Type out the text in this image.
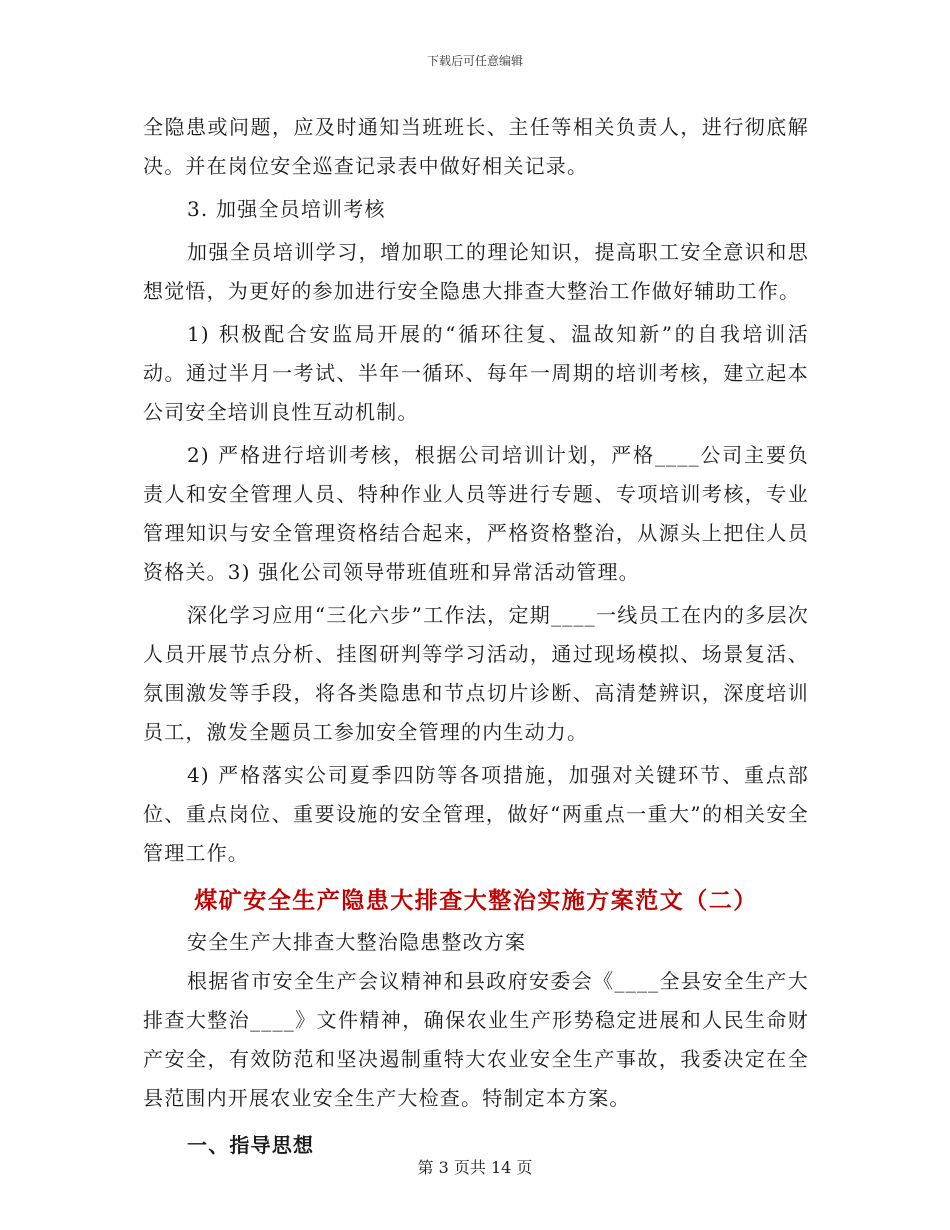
下载后可任意编辑

全隐患或问题，应及时通知当班班长、主任等相关负责人，进行彻底解决。并在岗位安全巡查记录表中做好相关记录。

3. 加强全员培训考核

加强全员培训学习，增加职工的理论知识，提高职工安全意识和思想觉悟，为更好的参加进行安全隐患大排查大整治工作做好辅助工作。

1) 积极配合安监局开展的“循环往复、温故知新”的自我培训活动。通过半月一考试、半年一循环、每年一周期的培训考核，建立起本公司安全培训良性互动机制。

2) 严格进行培训考核，根据公司培训计划，严格____公司主要负责人和安全管理人员、特种作业人员等进行专题、专项培训考核，专业管理知识与安全管理资格结合起来，严格资格整治，从源头上把住人员资格关。3) 强化公司领导带班值班和异常活动管理。

深化学习应用“三化六步”工作法，定期____一线员工在内的多层次人员开展节点分析、挂图研判等学习活动，通过现场模拟、场景复活、氛围激发等手段，将各类隐患和节点切片诊断、高清楚辨识，深度培训员工，激发全题员工参加安全管理的内生动力。

4) 严格落实公司夏季四防等各项措施，加强对关键环节、重点部位、重点岗位、重要设施的安全管理，做好“两重点一重大”的相关安全管理工作。

煤矿安全生产隐患大排查大整治实施方案范文（二）

安全生产大排查大整治隐患整改方案

根据省市安全生产会议精神和县政府安委会《____全县安全生产大排查大整治____》文件精神，确保农业生产形势稳定进展和人民生命财产安全，有效防范和坚决遏制重特大农业安全生产事故，我委决定在全县范围内开展农业安全生产大检查。特制定本方案。

一、指导思想
第 3 页共 14 页
